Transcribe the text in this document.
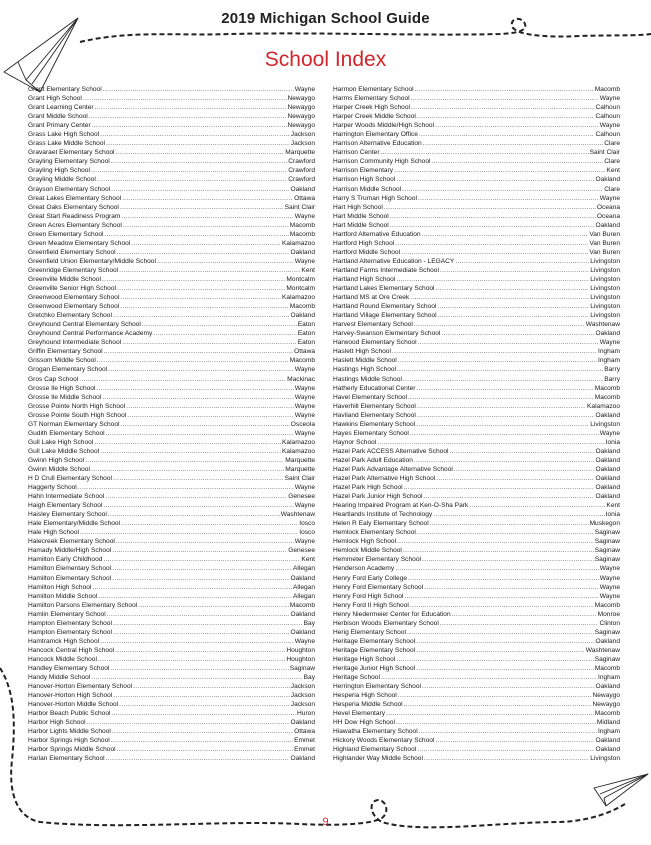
2019 Michigan School Guide
School Index
Grant Elementary School .....	Wayne
Grant High School .....	Newaygo
Grant Learning Center .....	Newaygo
Grant Middle School .....	Newaygo
Grant Primary Center .....	Newaygo
Grass Lake High School .....	Jackson
Grass Lake Middle School .....	Jackson
Gravaraet Elementary School .....	Marquette
Grayling Elementary School .....	Crawford
Grayling High School .....	Crawford
Grayling Middle School .....	Crawford
Grayson Elementary School .....	Oakland
Great Lakes Elementary School .....	Ottawa
Great Oaks Elementary School .....	Saint Clair
Great Start Readiness Program .....	Wayne
Green Acres Elementary School .....	Macomb
Green Elementary School .....	Macomb
Green Meadow Elementary School .....	Kalamazoo
Greenfield Elementary School .....	Oakland
Greenfield Union Elementary/Middle School .....	Wayne
Greenridge Elementary School .....	Kent
Greenville Middle School .....	Montcalm
Greenville Senior High School .....	Montcalm
Greenwood Elementary School .....	Kalamazoo
Greenwood Elementary School .....	Macomb
Gretchko Elementary School .....	Oakland
Greyhound Central Elementary School .....	Eaton
Greyhound Central Performance Academy .....	Eaton
Greyhound Intermediate School .....	Eaton
Griffin Elementary School .....	Ottawa
Grissom Middle School .....	Macomb
Grogan Elementary School .....	Wayne
Gros Cap School .....	Mackinac
Grosse Ile High School .....	Wayne
Grosse Ile Middle School .....	Wayne
Grosse Pointe North High School .....	Wayne
Grosse Pointe South High School .....	Wayne
GT Norman Elementary School .....	Osceola
Gudith Elementary School .....	Wayne
Gull Lake High School .....	Kalamazoo
Gull Lake Middle School .....	Kalamazoo
Gwinn High School .....	Marquette
Gwinn Middle School .....	Marquette
H D Crull Elementary School .....	Saint Clair
Haggerty School .....	Wayne
Hahn Intermediate School .....	Genesee
Haigh Elementary School .....	Wayne
Haisley Elementary School .....	Washtenaw
Hale Elementary/Middle School .....	Iosco
Hale High School .....	Iosco
Halecreek Elementary School .....	Wayne
Hamady Middle/High School .....	Genesee
Hamilton Early Childhood .....	Kent
Hamilton Elementary School .....	Allegan
Hamilton Elementary School .....	Oakland
Hamilton High School .....	Allegan
Hamilton Middle School .....	Allegan
Hamilton Parsons Elementary School .....	Macomb
Hamlin Elementary School .....	Oakland
Hampton Elementary School .....	Bay
Hampton Elementary School .....	Oakland
Hamtramck High School .....	Wayne
Hancock Central High School .....	Houghton
Hancock Middle School .....	Houghton
Handley Elementary School .....	Saginaw
Handy Middle School .....	Bay
Hanover-Horton Elementary School .....	Jackson
Hanover-Horton High School .....	Jackson
Hanover-Horton Middle School .....	Jackson
Harbor Beach Public School .....	Huron
Harbor High School .....	Oakland
Harbor Lights Middle School .....	Ottawa
Harbor Springs High School .....	Emmet
Harbor Springs Middle School .....	Emmet
Harlan Elementary School .....	Oakland
Harmon Elementary School .....	Macomb
Harms Elementary School .....	Wayne
Harper Creek High School .....	Calhoun
Harper Creek Middle School .....	Calhoun
Harper Woods Middle/High School .....	Wayne
Harrington Elementary Office .....	Calhoun
Harrison Alternative Education .....	Clare
Harrison Center .....	Saint Clair
Harrison Community High School .....	Clare
Harrison Elementary .....	Kent
Harrison High School .....	Oakland
Harrison Middle School .....	Clare
Harry S Truman High School .....	Wayne
Hart High School .....	Oceana
Hart Middle School .....	Oceana
Hart Middle School .....	Oakland
Hartford Alternative Education .....	Van Buren
Hartford High School .....	Van Buren
Hartford Middle School .....	Van Buren
Hartland Alternative Education - LEGACY .....	Livingston
Hartland Farms Intermediate School .....	Livingston
Hartland High School .....	Livingston
Hartland Lakes Elementary School .....	Livingston
Hartland MS at Ore Creek .....	Livingston
Hartland Round Elementary School .....	Livingston
Hartland Village Elementary School .....	Livingston
Harvest Elementary School .....	Washtenaw
Harvey-Swanson Elementary School .....	Oakland
Harwood Elementary School .....	Wayne
Haslett High School .....	Ingham
Haslett Middle School .....	Ingham
Hastings High School .....	Barry
Hastings Middle School .....	Barry
Hatherly Educational Center .....	Macomb
Havel Elementary School .....	Macomb
Haverhill Elementary School .....	Kalamazoo
Haviland Elementary School .....	Oakland
Hawkins Elementary School .....	Livingston
Hayes Elementary School .....	Wayne
Haynor School .....	Ionia
Hazel Park ACCESS Alternative School .....	Oakland
Hazel Park Adult Education .....	Oakland
Hazel Park Advantage Alternative School .....	Oakland
Hazel Park Alternative High School .....	Oakland
Hazel Park High School .....	Oakland
Hazel Park Junior High School .....	Oakland
Hearing Impaired Program at Ken-O-Sha Park .....	Kent
Heartlands Institute of Technology .....	Ionia
Helen R Ealy Elementary School .....	Muskegon
Hemlock Elementary School .....	Saginaw
Hemlock High School .....	Saginaw
Hemlock Middle School .....	Saginaw
Hemmeter Elementary School .....	Saginaw
Henderson Academy .....	Wayne
Henry Ford Early College .....	Wayne
Henry Ford Elementary School .....	Wayne
Henry Ford High School .....	Wayne
Henry Ford II High School .....	Macomb
Henry Niedermeier Center for Education .....	Monroe
Herbison Woods Elementary School .....	Clinton
Herig Elementary School .....	Saginaw
Heritage Elementary School .....	Oakland
Heritage Elementary School .....	Washtenaw
Heritage High School .....	Saginaw
Heritage Junior High School .....	Macomb
Heritage School .....	Ingham
Herrington Elementary School .....	Oakland
Hesperia High School .....	Newaygo
Hesperia Middle School .....	Newaygo
Hevel Elementary .....	Macomb
HH Dow High School .....	Midland
Hiawatha Elementary School .....	Ingham
Hickory Woods Elementary School .....	Oakland
Highland Elementary School .....	Oakland
Highlander Way Middle School .....	Livingston
9
